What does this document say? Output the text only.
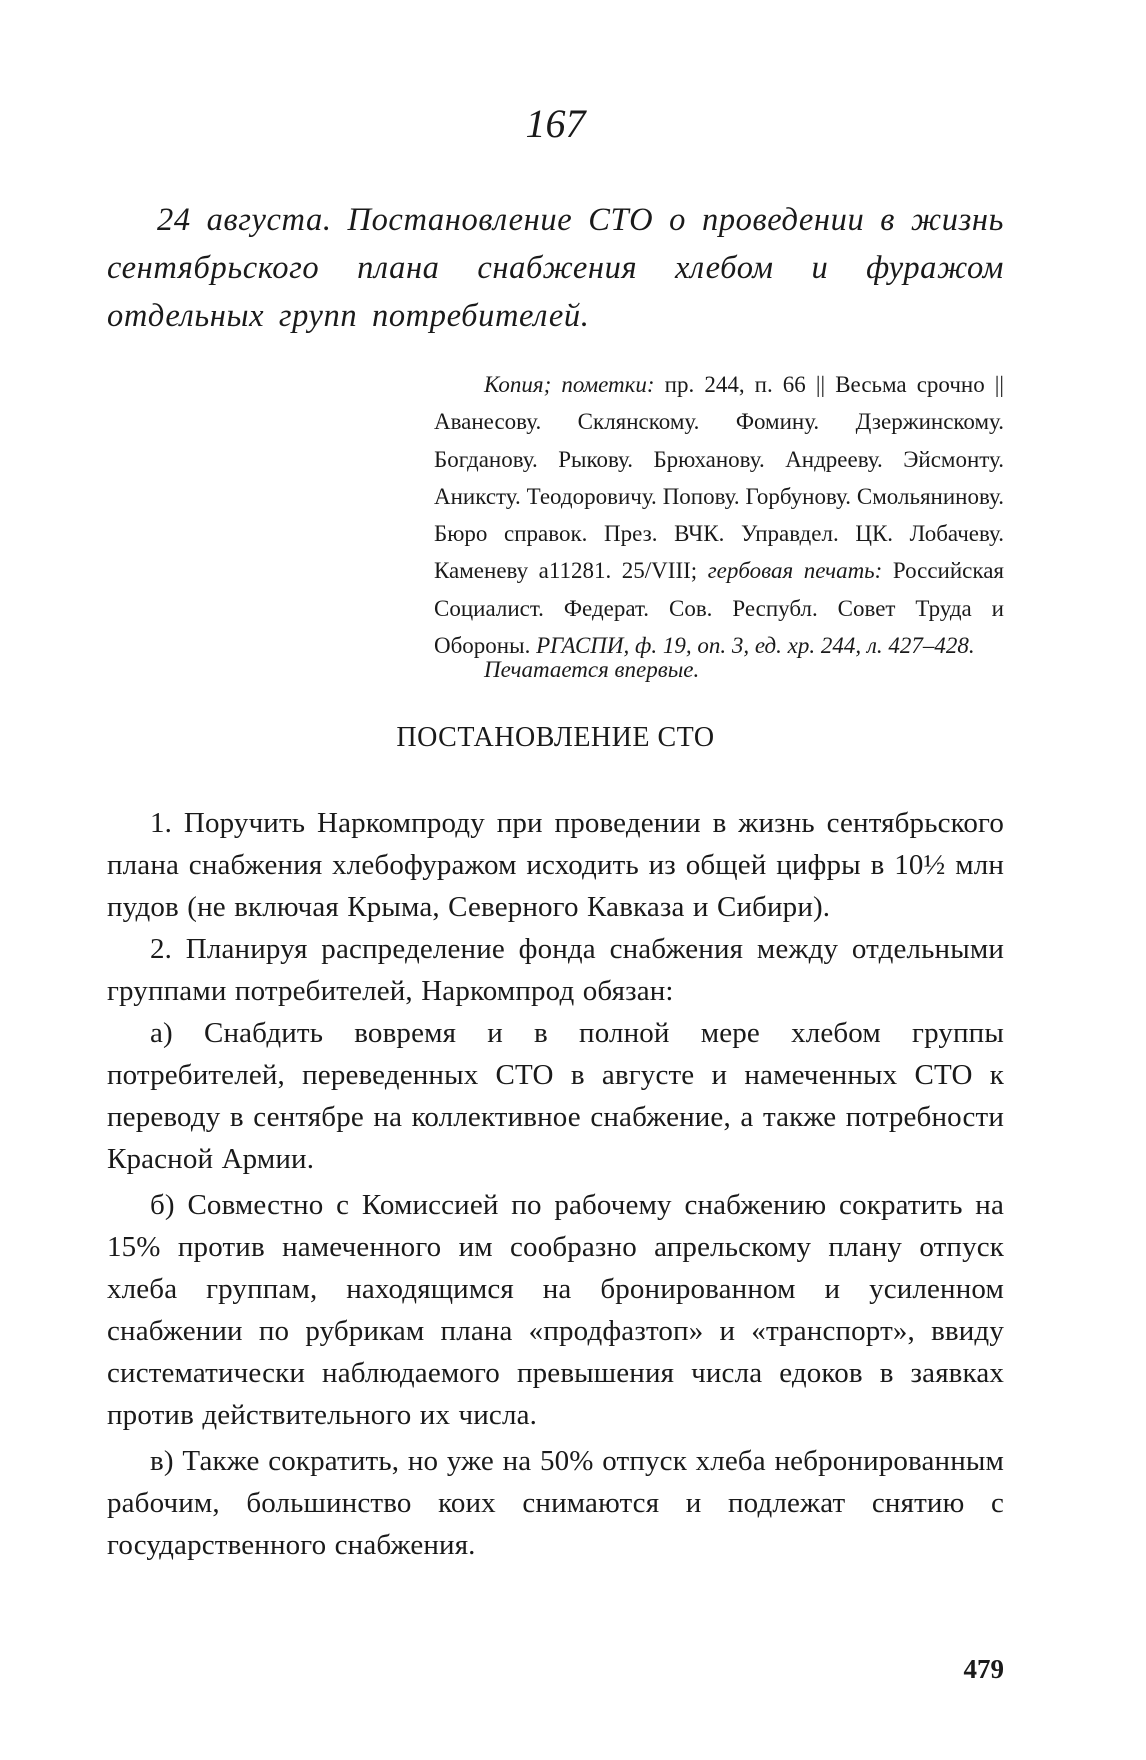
167

24 августа. Постановление СТО о проведении в жизнь сентябрьского плана снабжения хлебом и фуражом отдельных групп потребителей.

Копия; пометки: пр. 244, п. 66 || Весьма срочно || Аванесову. Склянскому. Фомину. Дзержинскому. Богданову. Рыкову. Брюханову. Андрееву. Эйсмонту. Аниксту. Теодоровичу. Попову. Горбунову. Смольянинову. Бюро справок. През. ВЧК. Управдел. ЦК. Лобачеву. Каменеву а11281. 25/VIII; гербовая печать: Российская Социалист. Федерат. Сов. Республ. Совет Труда и Обороны. РГАСПИ, ф. 19, оп. 3, ед. хр. 244, л. 427–428.

Печатается впервые.

ПОСТАНОВЛЕНИЕ СТО

1. Поручить Наркомпроду при проведении в жизнь сентябрьского плана снабжения хлебофуражом исходить из общей цифры в 10½ млн пудов (не включая Крыма, Северного Кавказа и Сибири).

2. Планируя распределение фонда снабжения между отдельными группами потребителей, Наркомпрод обязан:

а) Снабдить вовремя и в полной мере хлебом группы потребителей, переведенных СТО в августе и намеченных СТО к переводу в сентябре на коллективное снабжение, а также потребности Красной Армии.

б) Совместно с Комиссией по рабочему снабжению сократить на 15% против намеченного им сообразно апрельскому плану отпуск хлеба группам, находящимся на бронированном и усиленном снабжении по рубрикам плана «продфазтоп» и «транспорт», ввиду систематически наблюдаемого превышения числа едоков в заявках против действительного их числа.

в) Также сократить, но уже на 50% отпуск хлеба небронированным рабочим, большинство коих снимаются и подлежат снятию с государственного снабжения.

479
